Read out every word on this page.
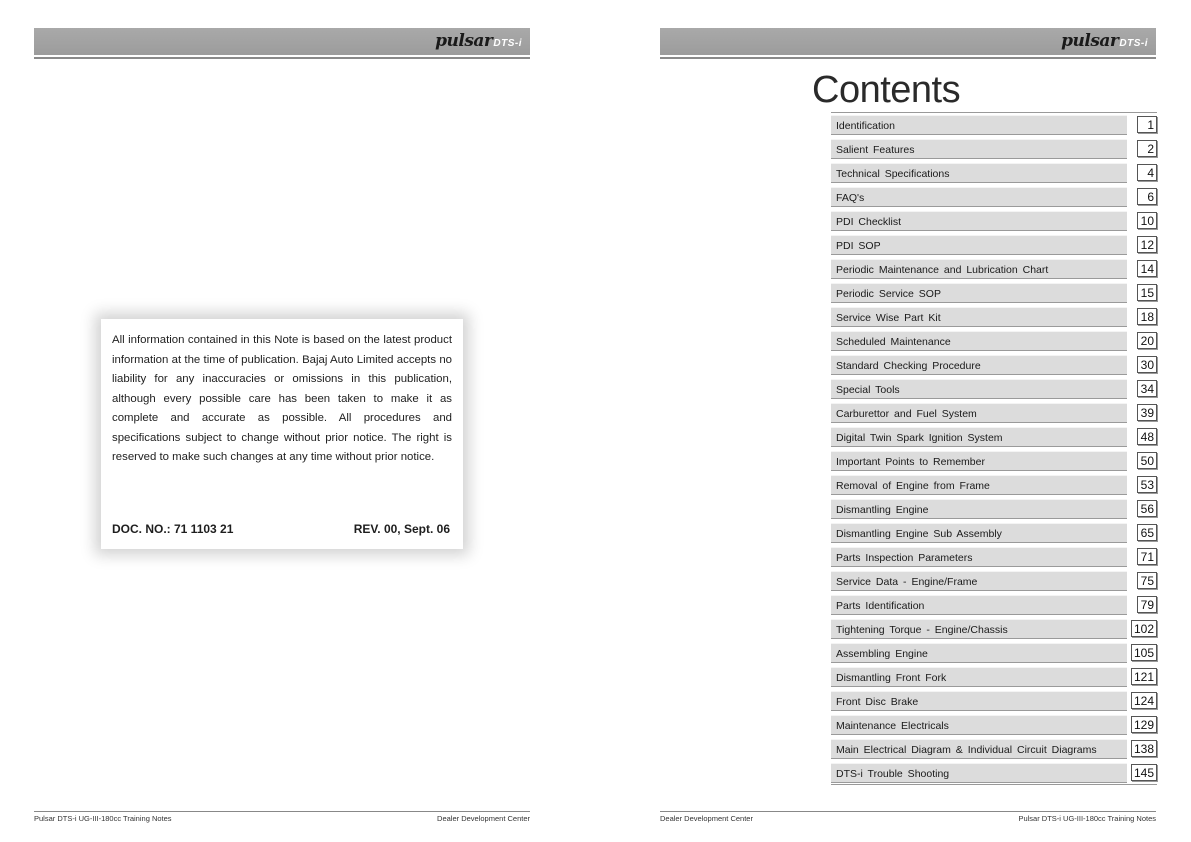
pulsarDTS-i
All information contained in this Note is based on the latest product information at the time of publication. Bajaj Auto Limited accepts no liability for any inaccuracies or omissions in this publication, although every possible care has been taken to make it as complete and accurate as possible. All procedures and specifications subject to change without prior notice. The right is reserved to make such changes at any time without prior notice.
DOC. NO.: 71 1103 21	REV. 00, Sept. 06
Pulsar DTS-i UG-III-180cc Training Notes	Dealer Development Center
pulsarDTS-i
Contents
Identification	1
Salient Features	2
Technical Specifications	4
FAQ's	6
PDI Checklist	10
PDI SOP	12
Periodic Maintenance and Lubrication Chart	14
Periodic Service SOP	15
Service Wise Part Kit	18
Scheduled Maintenance	20
Standard Checking Procedure	30
Special Tools	34
Carburettor and Fuel System	39
Digital Twin Spark Ignition System	48
Important Points to Remember	50
Removal of Engine from Frame	53
Dismantling Engine	56
Dismantling Engine Sub Assembly	65
Parts Inspection Parameters	71
Service Data - Engine/Frame	75
Parts Identification	79
Tightening Torque - Engine/Chassis	102
Assembling Engine	105
Dismantling Front Fork	121
Front Disc Brake	124
Maintenance Electricals	129
Main Electrical Diagram & Individual Circuit Diagrams	138
DTS-i Trouble Shooting	145
Dealer Development Center	Pulsar DTS-i UG-III-180cc Training Notes
